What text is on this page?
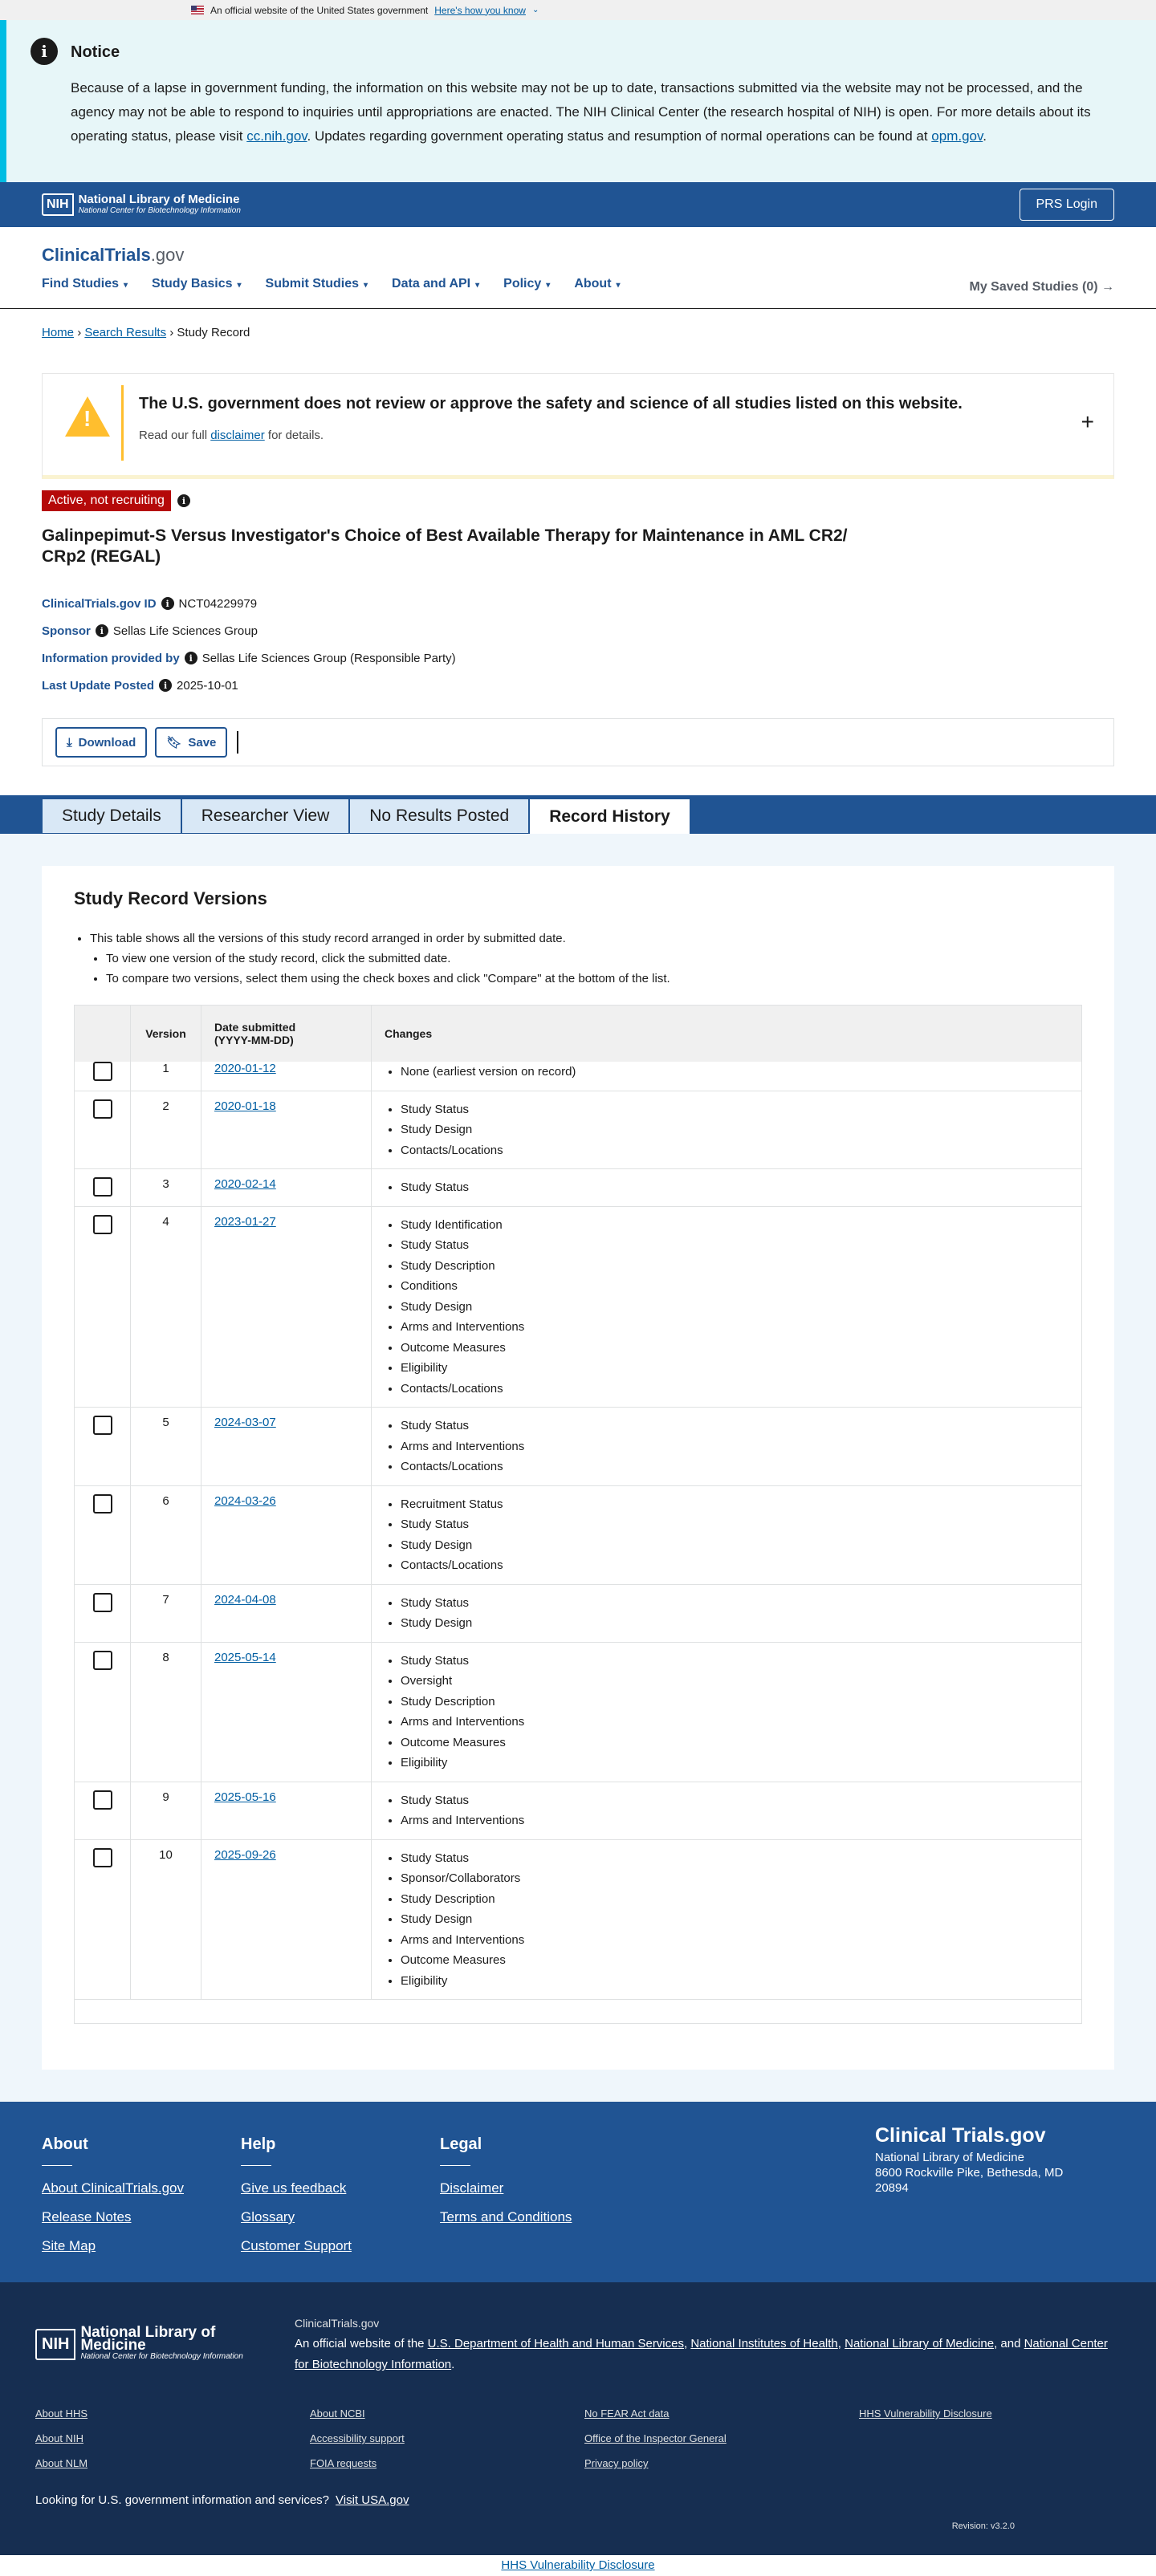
An official website of the United States government Here's how you know ⌄
i	Notice

Because of a lapse in government funding, the information on this website may not be up to date, transactions submitted via the website may not be processed, and the agency may not be able to respond to inquiries until appropriations are enacted. The NIH Clinical Center (the research hospital of NIH) is open. For more details about its operating status, please visit cc.nih.gov. Updates regarding government operating status and resumption of normal operations can be found at opm.gov.

NIH National Library of Medicine
National Center for Biotechnology Information	PRS Login
ClinicalTrials.gov
Find Studies ▾ Study Basics ▾ Submit Studies ▾ Data and API ▾ Policy ▾ About ▾	My Saved Studies (0) →
Home › Search Results › Study Record
!
The U.S. government does not review or approve the safety and science of all studies listed on this website.
Read our full disclaimer for details.
+
Active, not recruiting	i
Galinpepimut-S Versus Investigator's Choice of Best Available Therapy for Maintenance in AML CR2/ CRp2 (REGAL)
ClinicalTrials.gov ID	i NCT04229979
Sponsor	i Sellas Life Sciences Group
Information provided by	i Sellas Life Sciences Group (Responsible Party)
Last Update Posted	i 2025-10-01
⤓ Download	🔖︎ Save
Study Details	Researcher View	No Results Posted	Record History
Study Record Versions
• This table shows all the versions of this study record arranged in order by submitted date.
• To view one version of the study record, click the submitted date.
• To compare two versions, select them using the check boxes and click "Compare" at the bottom of the list.
Version	Date submitted
(YYYY-MM-DD)	Changes
1	2020-01-12	• None (earliest version on record)
2	2020-01-18	• Study Status
• Study Design
• Contacts/Locations
3	2020-02-14	• Study Status
4	2023-01-27	• Study Identification
• Study Status
• Study Description
• Conditions
• Study Design
• Arms and Interventions
• Outcome Measures
• Eligibility
• Contacts/Locations
5	2024-03-07	• Study Status
• Arms and Interventions
• Contacts/Locations
6	2024-03-26	• Recruitment Status
• Study Status
• Study Design
• Contacts/Locations
7	2024-04-08	• Study Status
• Study Design
8	2025-05-14	• Study Status
• Oversight
• Study Description
• Arms and Interventions
• Outcome Measures
• Eligibility
9	2025-05-16	• Study Status
• Arms and Interventions
10	2025-09-26	• Study Status
• Sponsor/Collaborators
• Study Description
• Study Design
• Arms and Interventions
• Outcome Measures
• Eligibility
About
About ClinicalTrials.gov
Release Notes
Site Map
Help
Give us feedback
Glossary
Customer Support
Legal
Disclaimer
Terms and Conditions
Clinical Trials.gov
National Library of Medicine
8600 Rockville Pike, Bethesda, MD 20894
NIH
National Library of Medicine
National Center for Biotechnology Information
ClinicalTrials.gov
An official website of the U.S. Department of Health and Human Services, National Institutes of Health, National Library of Medicine, and National Center for Biotechnology Information.
About HHS	About NCBI	No FEAR Act data	HHS Vulnerability Disclosure
About NIH	Accessibility support	Office of the Inspector General
About NLM	FOIA requests	Privacy policy
Looking for U.S. government information and services? Visit USA.gov
Revision: v3.2.0
HHS Vulnerability Disclosure
